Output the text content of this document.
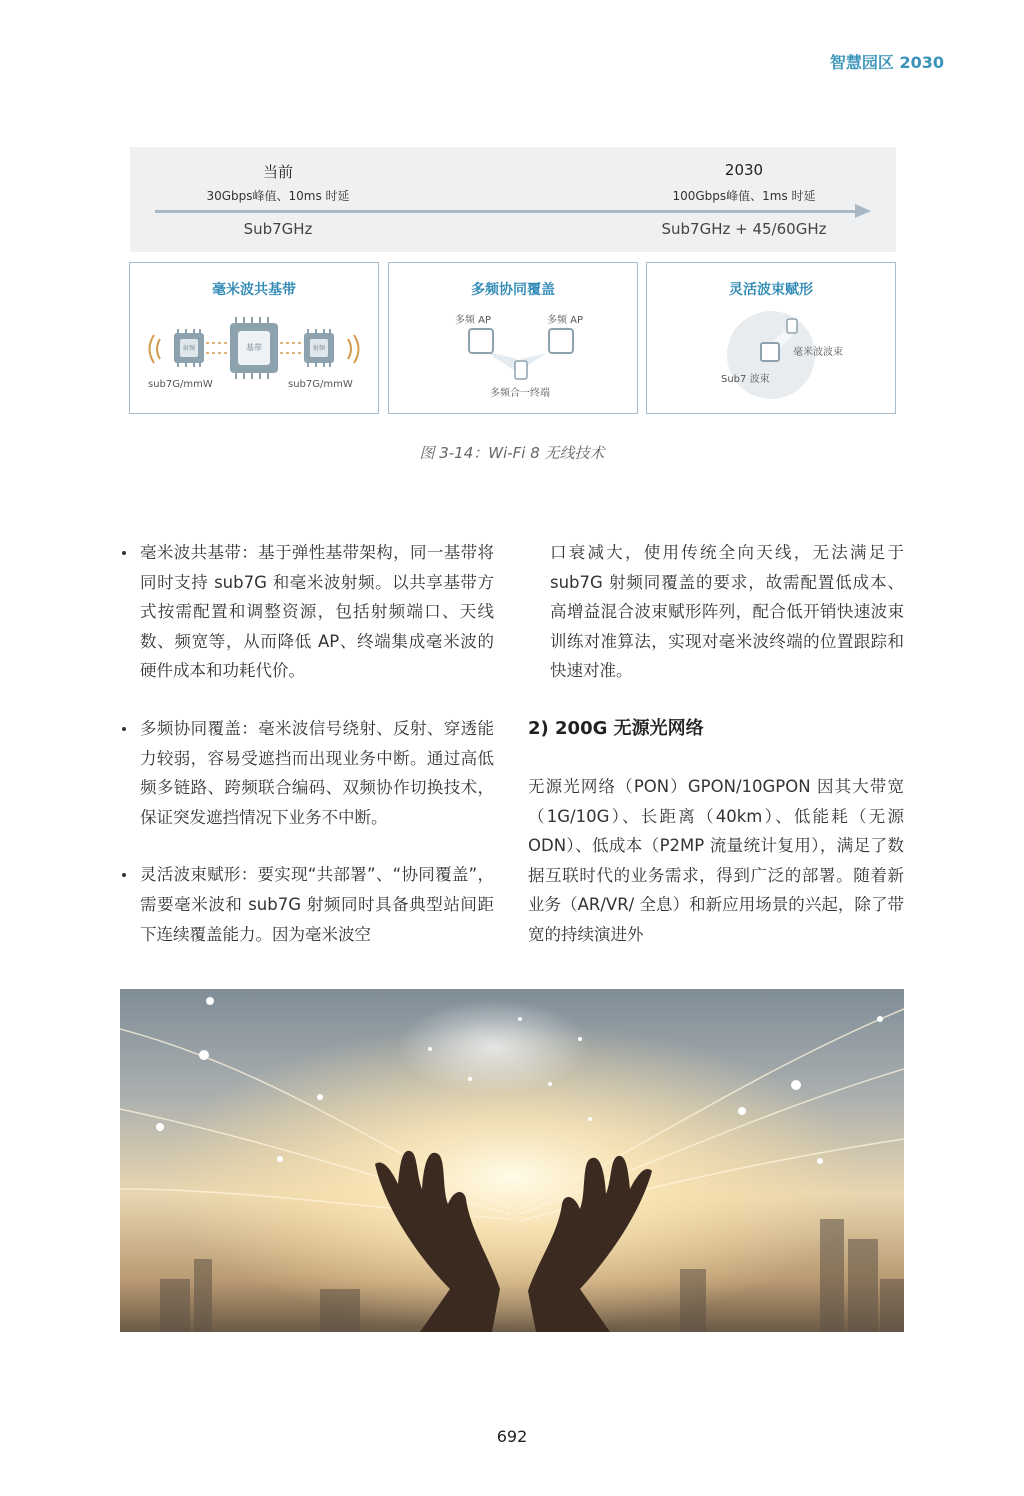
智慧园区 2030
当前
30Gbps峰值、10ms 时延
2030
100Gbps峰值、1ms 时延
Sub7GHz	Sub7GHz + 45/60GHz
毫米波共基带
基带
射频	射频
sub7G/mmW	sub7G/mmW
多频协同覆盖
多频 AP	多频 AP
多频合一终端
灵活波束赋形
毫米波波束
Sub7 波束
图 3-14：Wi-Fi 8 无线技术
毫米波共基带：基于弹性基带架构，同一基带将同时支持 sub7G 和毫米波射频。以共享基带方式按需配置和调整资源，包括射频端口、天线数、频宽等，从而降低 AP、终端集成毫米波的硬件成本和功耗代价。
多频协同覆盖：毫米波信号绕射、反射、穿透能力较弱，容易受遮挡而出现业务中断。通过高低频多链路、跨频联合编码、双频协作切换技术，保证突发遮挡情况下业务不中断。
灵活波束赋形：要实现“共部署”、“协同覆盖”，需要毫米波和 sub7G 射频同时具备典型站间距下连续覆盖能力。因为毫米波空
口衰减大，使用传统全向天线，无法满足于 sub7G 射频同覆盖的要求，故需配置低成本、高增益混合波束赋形阵列，配合低开销快速波束训练对准算法，实现对毫米波终端的位置跟踪和快速对准。
2) 200G 无源光网络
无源光网络（PON）GPON/10GPON 因其大带宽（1G/10G）、长距离（40km）、低能耗（无源 ODN）、低成本（P2MP 流量统计复用），满足了数据互联时代的业务需求，得到广泛的部署。随着新业务（AR/VR/ 全息）和新应用场景的兴起，除了带宽的持续演进外
692
